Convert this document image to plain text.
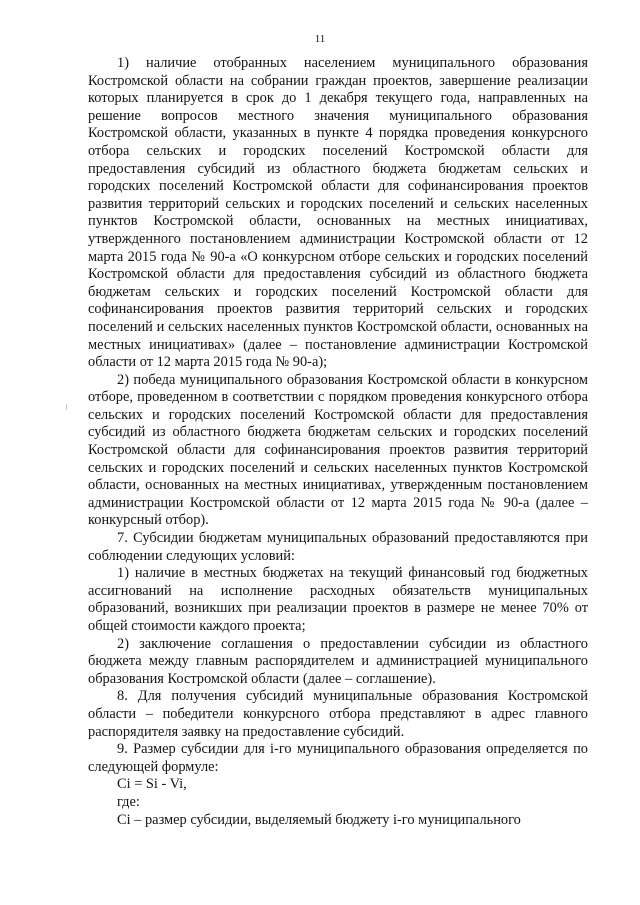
11

1) наличие отобранных населением муниципального образования Костромской области на собрании граждан проектов, завершение реализации которых планируется в срок до 1 декабря текущего года, направленных на решение вопросов местного значения муниципального образования Костромской области, указанных в пункте 4 порядка проведения конкурсного отбора сельских и городских поселений Костромской области для предоставления субсидий из областного бюджета бюджетам сельских и городских поселений Костромской области для софинансирования проектов развития территорий сельских и городских поселений и сельских населенных пунктов Костромской области, основанных на местных инициативах, утвержденного постановлением администрации Костромской области от 12 марта 2015 года № 90-а «О конкурсном отборе сельских и городских поселений Костромской области для предоставления субсидий из областного бюджета бюджетам сельских и городских поселений Костромской области для софинансирования проектов развития территорий сельских и городских поселений и сельских населенных пунктов Костромской области, основанных на местных инициативах» (далее – постановление администрации Костромской области от 12 марта 2015 года № 90-а);

2) победа муниципального образования Костромской области в конкурсном отборе, проведенном в соответствии с порядком проведения конкурсного отбора сельских и городских поселений Костромской области для предоставления субсидий из областного бюджета бюджетам сельских и городских поселений Костромской области для софинансирования проектов развития территорий сельских и городских поселений и сельских населенных пунктов Костромской области, основанных на местных инициативах, утвержденным постановлением администрации Костромской области от 12 марта 2015 года № 90-а (далее – конкурсный отбор).

7. Субсидии бюджетам муниципальных образований предоставляются при соблюдении следующих условий:

1) наличие в местных бюджетах на текущий финансовый год бюджетных ассигнований на исполнение расходных обязательств муниципальных образований, возникших при реализации проектов в размере не менее 70% от общей стоимости каждого проекта;

2) заключение соглашения о предоставлении субсидии из областного бюджета между главным распорядителем и администрацией муниципального образования Костромской области (далее – соглашение).

8. Для получения субсидий муниципальные образования Костромской области – победители конкурсного отбора представляют в адрес главного распорядителя заявку на предоставление субсидий.

9. Размер субсидии для i-го муниципального образования определяется по следующей формуле:

Ci = Si - Vi,

где:

Ci – размер субсидии, выделяемый бюджету i-го муниципального
